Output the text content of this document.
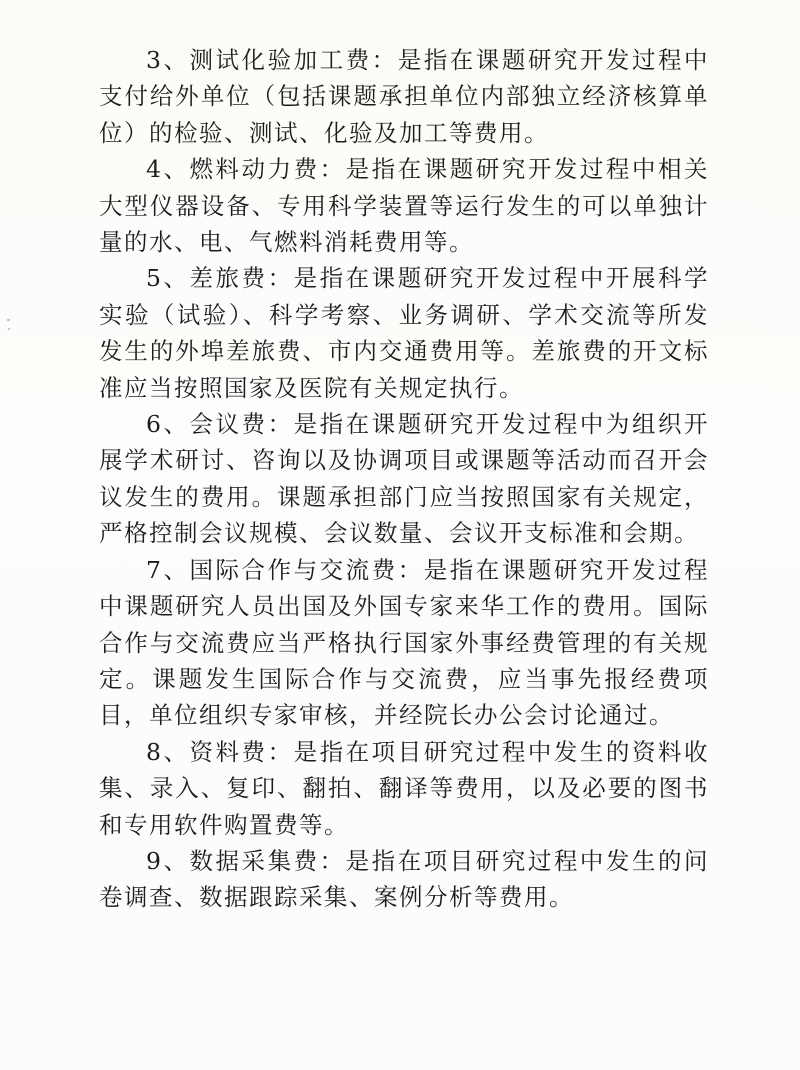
3、测试化验加工费：是指在课题研究开发过程中支付给外单位（包括课题承担单位内部独立经济核算单位）的检验、测试、化验及加工等费用。

4、燃料动力费：是指在课题研究开发过程中相关大型仪器设备、专用科学装置等运行发生的可以单独计量的水、电、气燃料消耗费用等。

5、差旅费：是指在课题研究开发过程中开展科学实验（试验）、科学考察、业务调研、学术交流等所发发生的外埠差旅费、市内交通费用等。差旅费的开文标准应当按照国家及医院有关规定执行。

6、会议费：是指在课题研究开发过程中为组织开展学术研讨、咨询以及协调项目或课题等活动而召开会议发生的费用。课题承担部门应当按照国家有关规定，严格控制会议规模、会议数量、会议开支标准和会期。

7、国际合作与交流费：是指在课题研究开发过程中课题研究人员出国及外国专家来华工作的费用。国际合作与交流费应当严格执行国家外事经费管理的有关规定。课题发生国际合作与交流费，应当事先报经费项目，单位组织专家审核，并经院长办公会讨论通过。

8、资料费：是指在项目研究过程中发生的资料收集、录入、复印、翻拍、翻译等费用，以及必要的图书和专用软件购置费等。

9、数据采集费：是指在项目研究过程中发生的问卷调查、数据跟踪采集、案例分析等费用。
